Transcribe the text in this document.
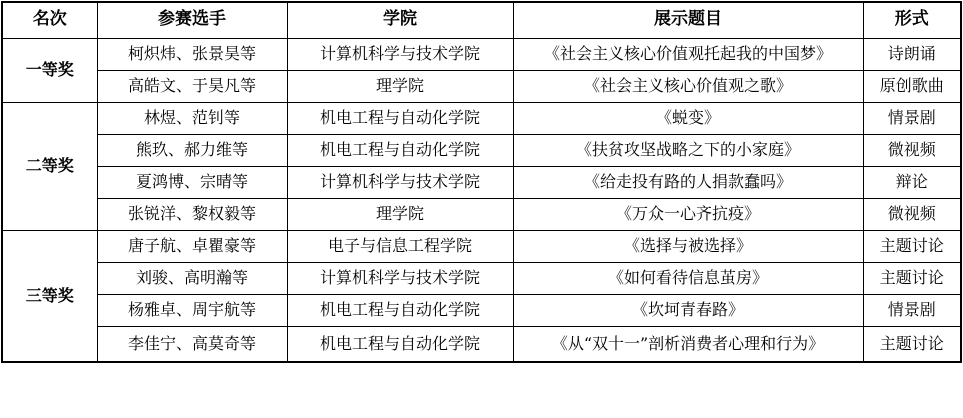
名次	参赛选手	学院	展示题目	形式
一等奖	柯炽炜、张景昊等	计算机科学与技术学院	《社会主义核心价值观托起我的中国梦》	诗朗诵
	高皓文、于昊凡等	理学院	《社会主义核心价值观之歌》	原创歌曲
二等奖	林煜、范钊等	机电工程与自动化学院	《蜕变》	情景剧
	熊玖、郝力维等	机电工程与自动化学院	《扶贫攻坚战略之下的小家庭》	微视频
	夏鸿博、宗晴等	计算机科学与技术学院	《给走投有路的人捐款蠢吗》	辩论
	张锐洋、黎权毅等	理学院	《万众一心齐抗疫》	微视频
三等奖	唐子航、卓瞿豪等	电子与信息工程学院	《选择与被选择》	主题讨论
	刘骏、高明瀚等	计算机科学与技术学院	《如何看待信息茧房》	主题讨论
	杨雅卓、周宇航等	机电工程与自动化学院	《坎坷青春路》	情景剧
	李佳宁、高莫奇等	机电工程与自动化学院	《从“双十一”剖析消费者心理和行为》	主题讨论
